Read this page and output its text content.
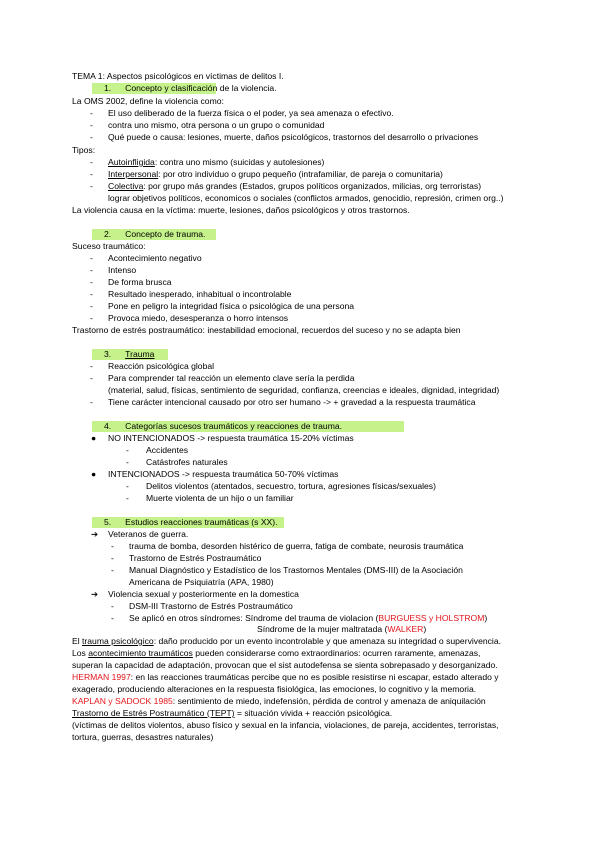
TEMA 1: Aspectos psicológicos en víctimas de delitos I.
1. Concepto y clasificación de la violencia.
La OMS 2002, define la violencia como:
- El uso deliberado de la fuerza física o el poder, ya sea amenaza o efectivo.
- contra uno mismo, otra persona o un grupo o comunidad
- Qué puede o causa: lesiones, muerte, daños psicológicos, trastornos del desarrollo o privaciones
Tipos:
- Autoinfligida: contra uno mismo (suicidas y autolesiones)
- Interpersonal: por otro individuo o grupo pequeño (intrafamiliar, de pareja o comunitaria)
- Colectiva: por grupo más grandes (Estados, grupos políticos organizados, milicias, org terroristas)
lograr objetivos políticos, economicos o sociales (conflictos armados, genocidio, represión, crimen org..)
La violencia causa en la víctima: muerte, lesiones, daños psicológicos y otros trastornos.
2. Concepto de trauma.
Suceso traumático:
- Acontecimiento negativo
- Intenso
- De forma brusca
- Resultado inesperado, inhabitual o incontrolable
- Pone en peligro la integridad física o psicológica de una persona
- Provoca miedo, desesperanza o horro intensos
Trastorno de estrés postraumático: inestabilidad emocional, recuerdos del suceso y no se adapta bien
3. Trauma
- Reacción psicológica global
- Para comprender tal reacción un elemento clave sería la perdida
(material, salud, físicas, sentimiento de seguridad, confianza, creencias e ideales, dignidad, integridad)
- Tiene carácter intencional causado por otro ser humano -> + gravedad a la respuesta traumática
4. Categorías sucesos traumáticos y reacciones de trauma.
● NO INTENCIONADOS -> respuesta traumática 15-20% víctimas
- Accidentes
- Catástrofes naturales
● INTENCIONADOS -> respuesta traumática 50-70% víctimas
- Delitos violentos (atentados, secuestro, tortura, agresiones físicas/sexuales)
- Muerte violenta de un hijo o un familiar
5. Estudios reacciones traumáticas (s XX).
➔ Veteranos de guerra.
- trauma de bomba, desorden histérico de guerra, fatiga de combate, neurosis traumática
- Trastorno de Estrés Postraumático
- Manual Diagnóstico y Estadístico de los Trastornos Mentales (DMS-III) de la Asociación
Americana de Psiquiatría (APA, 1980)
➔ Violencia sexual y posteriormente en la domestica
- DSM-III Trastorno de Estrés Postraumático
- Se aplicó en otros síndromes: Síndrome del trauma de violacion (BURGUESS y HOLSTROM)
Síndrome de la mujer maltratada (WALKER)
El trauma psicológico: daño producido por un evento incontrolable y que amenaza su integridad o supervivencia.
Los acontecimiento traumáticos pueden considerarse como extraordinarios: ocurren raramente, amenazas,
superan la capacidad de adaptación, provocan que el sist autodefensa se sienta sobrepasado y desorganizado.
HERMAN 1997: en las reacciones traumáticas percibe que no es posible resistirse ni escapar, estado alterado y
exagerado, produciendo alteraciones en la respuesta fisiológica, las emociones, lo cognitivo y la memoria.
KAPLAN y SADOCK 1985: sentimiento de miedo, indefensión, pérdida de control y amenaza de aniquilación
Trastorno de Estrés Postraumático (TEPT) = situación vivida + reacción psicológica.
(víctimas de delitos violentos, abuso físico y sexual en la infancia, violaciones, de pareja, accidentes, terroristas,
tortura, guerras, desastres naturales)
